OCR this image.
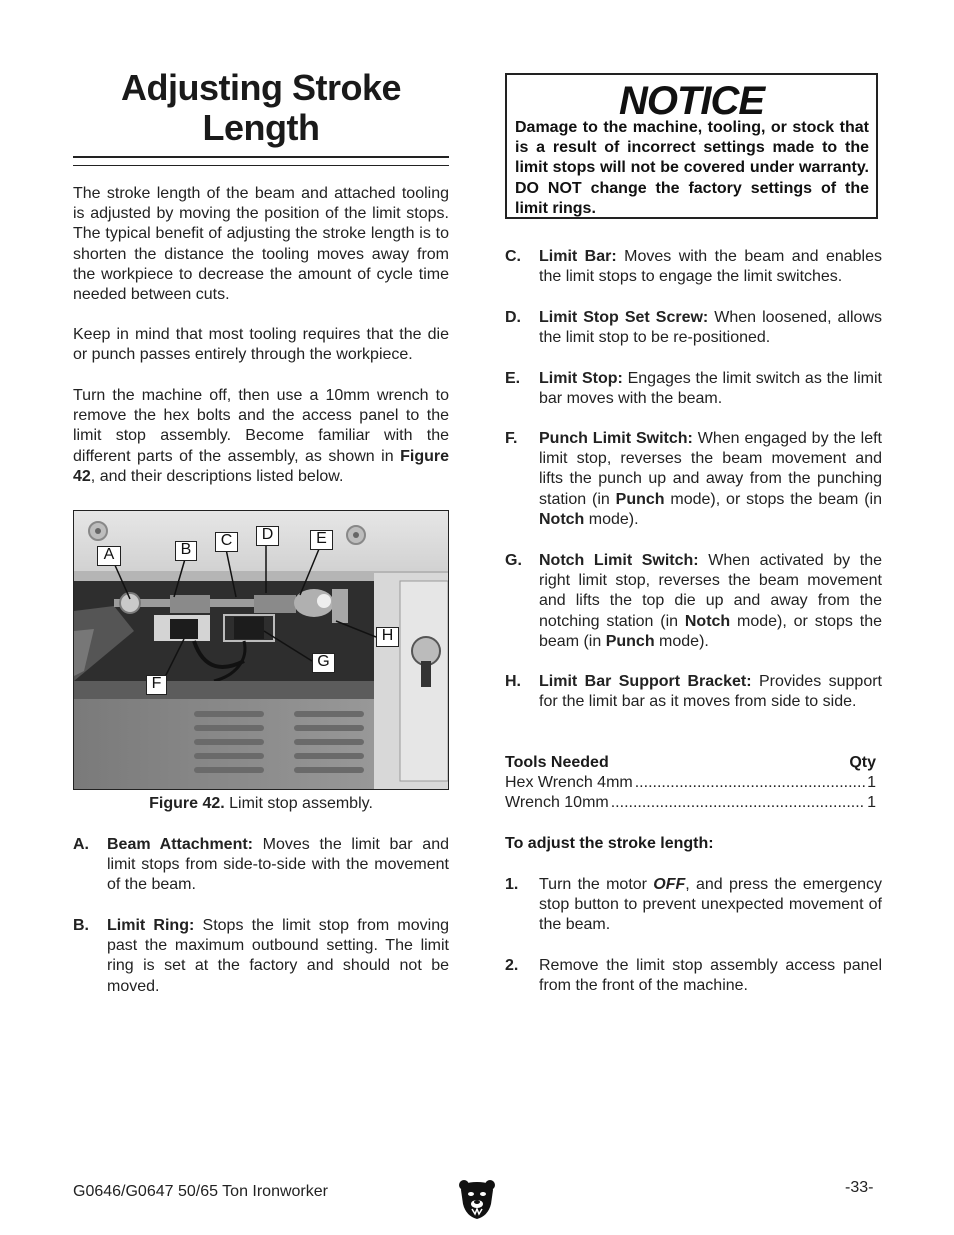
Adjusting Stroke
Length

The stroke length of the beam and attached tooling is adjusted by moving the position of the limit stops. The typical benefit of adjusting the stroke length is to shorten the distance the tooling moves away from the workpiece to decrease the amount of cycle time needed between cuts.

Keep in mind that most tooling requires that the die or punch passes entirely through the workpiece.

Turn the machine off, then use a 10mm wrench to remove the hex bolts and the access panel to the limit stop assembly. Become familiar with the different parts of the assembly, as shown in Figure 42, and their descriptions listed below.

A	B
C	D	E
F
G
H
Figure 42. Limit stop assembly.
A. Beam Attachment: Moves the limit bar and limit stops from side-to-side with the movement of the beam.
B. Limit Ring: Stops the limit stop from moving past the maximum outbound setting. The limit ring is set at the factory and should not be moved.
NOTICE
Damage to the machine, tooling, or stock that is a result of incorrect settings made to the limit stops will not be covered under warranty. DO NOT change the factory settings of the limit rings.
C. Limit Bar: Moves with the beam and enables the limit stops to engage the limit switches.
D. Limit Stop Set Screw: When loosened, allows the limit stop to be re-positioned.
E. Limit Stop: Engages the limit switch as the limit bar moves with the beam.
F. Punch Limit Switch: When engaged by the left limit stop, reverses the beam movement and lifts the punch up and away from the punching station (in Punch mode), or stops the beam (in Notch mode).
G. Notch Limit Switch: When activated by the right limit stop, reverses the beam movement and lifts the top die up and away from the notching station (in Notch mode), or stops the beam (in Punch mode).
H. Limit Bar Support Bracket: Provides support for the limit bar as it moves from side to side.
Tools Needed	Qty
Hex Wrench 4mm .....	1
Wrench 10mm .....	1
To adjust the stroke length:
1. Turn the motor OFF, and press the emergency stop button to prevent unexpected movement of the beam.
2. Remove the limit stop assembly access panel from the front of the machine.
G0646/G0647 50/65 Ton Ironworker	-33-
